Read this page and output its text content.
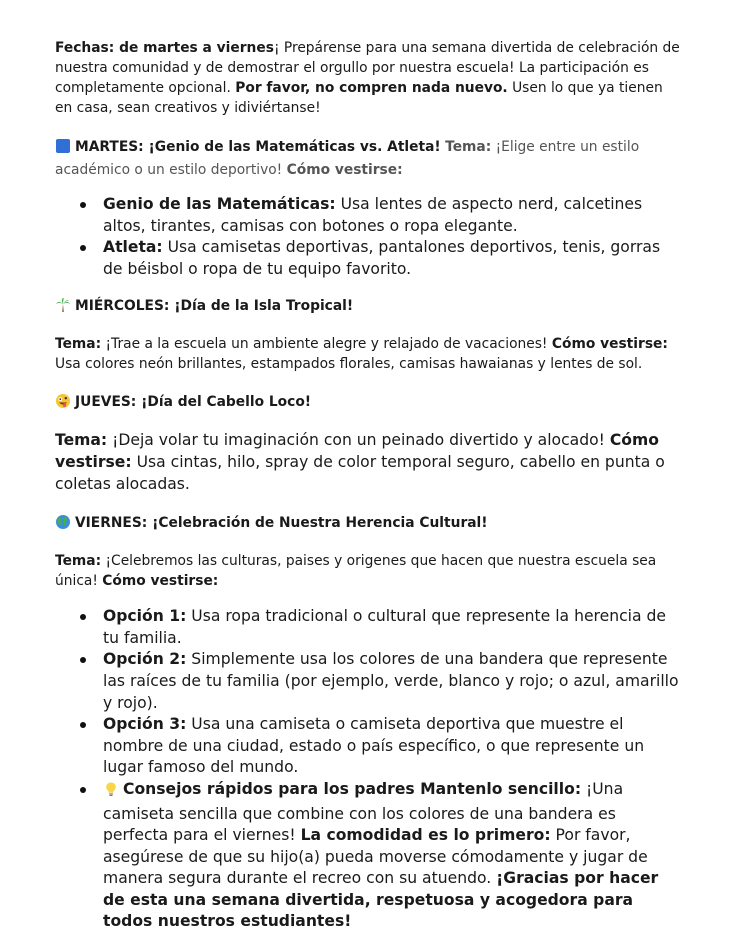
Fechas: de martes a viernes¡ Prepárense para una semana divertida de celebración de nuestra comunidad y de demostrar el orgullo por nuestra escuela! La participación es completamente opcional. Por favor, no compren nada nuevo. Usen lo que ya tienen en casa, sean creativos y idiviértanse!

MARTES: ¡Genio de las Matemáticas vs. Atleta! Tema: ¡Elige entre un estilo académico o un estilo deportivo! Cómo vestirse:

Genio de las Matemáticas: Usa lentes de aspecto nerd, calcetines altos, tirantes, camisas con botones o ropa elegante.
Atleta: Usa camisetas deportivas, pantalones deportivos, tenis, gorras de béisbol o ropa de tu equipo favorito.

MIÉRCOLES: ¡Día de la Isla Tropical!

Tema: ¡Trae a la escuela un ambiente alegre y relajado de vacaciones! Cómo vestirse: Usa colores neón brillantes, estampados florales, camisas hawaianas y lentes de sol.

JUEVES: ¡Día del Cabello Loco!

Tema: ¡Deja volar tu imaginación con un peinado divertido y alocado! Cómo vestirse: Usa cintas, hilo, spray de color temporal seguro, cabello en punta o coletas alocadas.

VIERNES: ¡Celebración de Nuestra Herencia Cultural!

Tema: ¡Celebremos las culturas, paises y origenes que hacen que nuestra escuela sea única! Cómo vestirse:

Opción 1: Usa ropa tradicional o cultural que represente la herencia de tu familia.
Opción 2: Simplemente usa los colores de una bandera que represente las raíces de tu familia (por ejemplo, verde, blanco y rojo; o azul, amarillo y rojo).
Opción 3: Usa una camiseta o camiseta deportiva que muestre el nombre de una ciudad, estado o país específico, o que represente un lugar famoso del mundo.
Consejos rápidos para los padres Mantenlo sencillo: ¡Una camiseta sencilla que combine con los colores de una bandera es perfecta para el viernes! La comodidad es lo primero: Por favor, asegúrese de que su hijo(a) pueda moverse cómodamente y jugar de manera segura durante el recreo con su atuendo. ¡Gracias por hacer de esta una semana divertida, respetuosa y acogedora para todos nuestros estudiantes!
